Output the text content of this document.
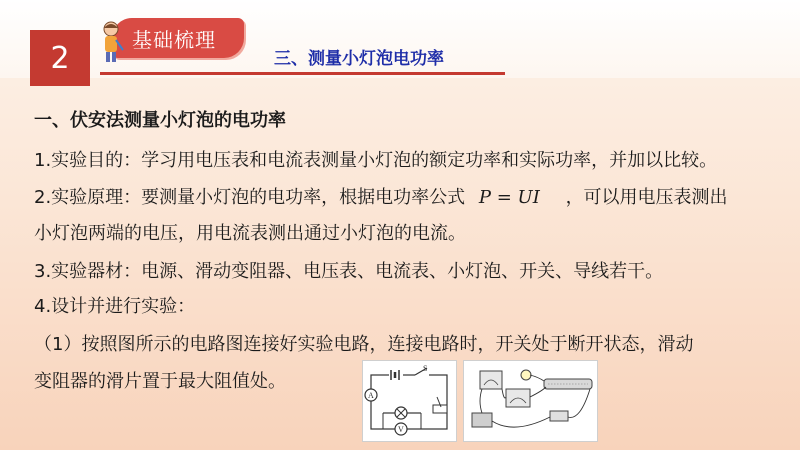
2
基础梳理
三、测量小灯泡电功率
一、伏安法测量小灯泡的电功率
1.实验目的：学习用电压表和电流表测量小灯泡的额定功率和实际功率，并加以比较。
2.实验原理：要测量小灯泡的电功率，根据电功率公式 P = UI ，可以用电压表测出
小灯泡两端的电压，用电流表测出通过小灯泡的电流。
3.实验器材：电源、滑动变阻器、电压表、电流表、小灯泡、开关、导线若干。
4.设计并进行实验：
（1）按照图所示的电路图连接好实验电路，连接电路时，开关处于断开状态，滑动
变阻器的滑片置于最大阻值处。
S
A
V
